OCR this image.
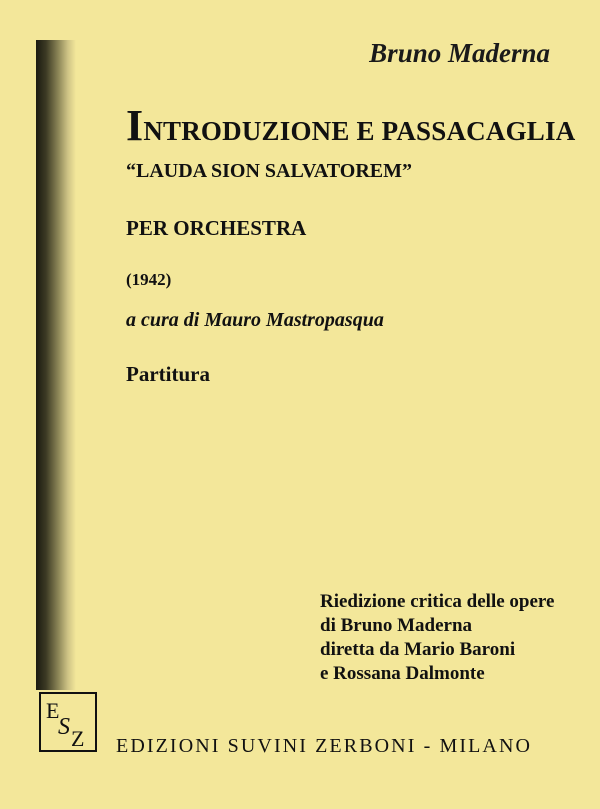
Bruno Maderna
INTRODUZIONE E PASSACAGLIA
“LAUDA SION SALVATOREM”
PER ORCHESTRA
(1942)
a cura di Mauro Mastropasqua
Partitura
Riedizione critica delle opere
di Bruno Maderna
diretta da Mario Baroni
e Rossana Dalmonte
E
S Z EDIZIONI SUVINI ZERBONI - MILANO
